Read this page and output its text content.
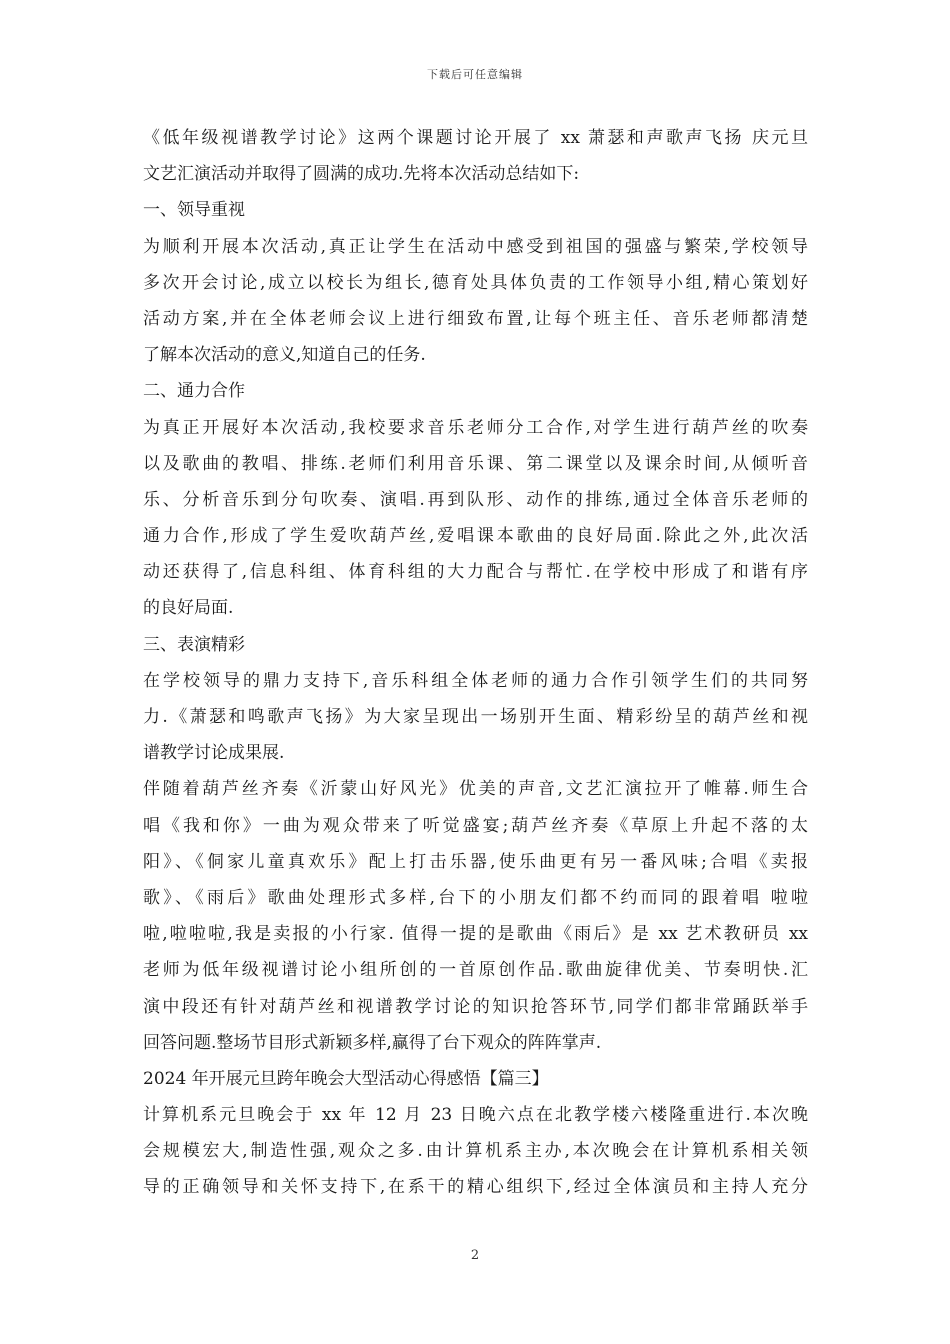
下载后可任意编辑
《低年级视谱教学讨论》这两个课题讨论开展了 xx 萧瑟和声歌声飞扬 庆元旦
文艺汇演活动并取得了圆满的成功.先将本次活动总结如下:
一、领导重视
为顺利开展本次活动,真正让学生在活动中感受到祖国的强盛与繁荣,学校领导
多次开会讨论,成立以校长为组长,德育处具体负责的工作领导小组,精心策划好
活动方案,并在全体老师会议上进行细致布置,让每个班主任、音乐老师都清楚
了解本次活动的意义,知道自己的任务.
二、通力合作
为真正开展好本次活动,我校要求音乐老师分工合作,对学生进行葫芦丝的吹奏
以及歌曲的教唱、排练.老师们利用音乐课、第二课堂以及课余时间,从倾听音
乐、分析音乐到分句吹奏、演唱.再到队形、动作的排练,通过全体音乐老师的
通力合作,形成了学生爱吹葫芦丝,爱唱课本歌曲的良好局面.除此之外,此次活
动还获得了,信息科组、体育科组的大力配合与帮忙.在学校中形成了和谐有序
的良好局面.
三、表演精彩
在学校领导的鼎力支持下,音乐科组全体老师的通力合作引领学生们的共同努
力.《萧瑟和鸣歌声飞扬》为大家呈现出一场别开生面、精彩纷呈的葫芦丝和视
谱教学讨论成果展.
伴随着葫芦丝齐奏《沂蒙山好风光》优美的声音,文艺汇演拉开了帷幕.师生合
唱《我和你》一曲为观众带来了听觉盛宴;葫芦丝齐奏《草原上升起不落的太
阳》、《侗家儿童真欢乐》配上打击乐器,使乐曲更有另一番风味;合唱《卖报
歌》、《雨后》歌曲处理形式多样,台下的小朋友们都不约而同的跟着唱 啦啦
啦,啦啦啦,我是卖报的小行家. 值得一提的是歌曲《雨后》是 xx 艺术教研员 xx
老师为低年级视谱讨论小组所创的一首原创作品.歌曲旋律优美、节奏明快.汇
演中段还有针对葫芦丝和视谱教学讨论的知识抢答环节,同学们都非常踊跃举手
回答问题.整场节目形式新颖多样,赢得了台下观众的阵阵掌声.
2024 年开展元旦跨年晚会大型活动心得感悟【篇三】
计算机系元旦晚会于 xx 年 12 月 23 日晚六点在北教学楼六楼隆重进行.本次晚
会规模宏大,制造性强,观众之多.由计算机系主办,本次晚会在计算机系相关领
导的正确领导和关怀支持下,在系干的精心组织下,经过全体演员和主持人充分
2
